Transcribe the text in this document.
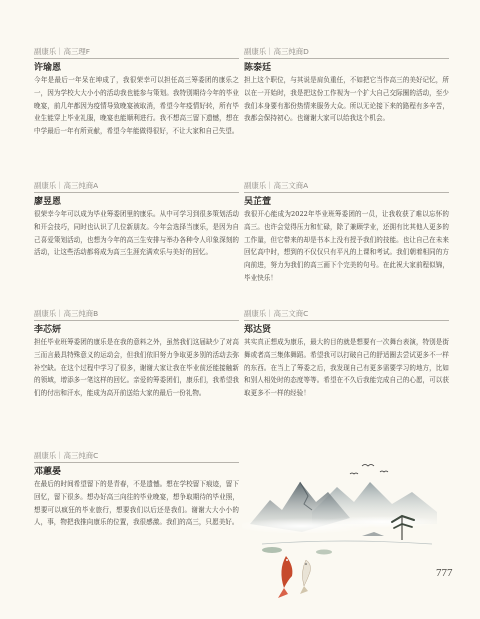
副康乐｜高三理F
许瑜恩
今年是最后一年呆在坤成了，我很荣幸可以担任高三筹委团的康乐之一，因为学校大大小小的活动我也能参与策划。我特别期待今年的毕业晚宴，前几年都因为疫情导致晚宴被取消，希望今年疫情好转，所有毕业生能穿上毕业礼服，晚宴也能顺利进行。我不想高三留下遗憾，想在中学最后一年有所贡献，希望今年能做得很好，不让大家和自己失望。
副康乐｜高三纯商A
廖昱恩
很荣幸今年可以成为毕业筹委团里的康乐。从中可学习到很多策划活动和开会技巧，同时也认识了几位新朋友。今年会选择当康乐，是因为自己喜爱策划活动，也想为今年的高三生安排与举办各种令人印象深刻的活动，让这些活动都将成为高三生涯充满欢乐与美好的回忆。
副康乐｜高三纯商B
李芯妍
担任毕业班筹委团的康乐是在我的意料之外，虽然我们这届缺少了对高三而言最具特殊意义的运动会，但我们依旧努力争取更多别的活动去弥补空缺。在这个过程中学习了很多，谢谢大家让我在毕业前还能接触新的领域，增添多一笔这样的回忆。亲爱的筹委团们，康乐们，我希望我们的付出和汗水，能成为高开前送给大家的最后一份礼物。
副康乐｜高三纯商C
邓蕙晏
在最后的时间希望留下的是青春，不是遗憾。想在学校留下痕迹，留下回忆，留下很多。想办好高三向往的毕业晚宴，想争取期待的毕业照，想要可以疯狂的毕业旅行，想要我们以后还是我们。谢谢大大小小的人，事，物把我推向康乐的位置，我很感激。我们的高三，只愿美好。
副康乐｜高三纯商D
陈泰廷
担上这个职位，与其说是肩负重任，不如把它当作高三的美好记忆，所以在一开始时，我是把这份工作视为一个扩大自己交际圈的活动，至少我们本身要有那份热情来服务大众。所以无论接下来的路程有多辛苦，我都会保持初心。也谢谢大家可以给我这个机会。
副康乐｜高三文商A
吴芷萱
我很开心能成为2022年毕业班筹委团的一员，让我收获了难以忘怀的高三。也许会觉得压力和忙碌，除了兼顾学业，还拥有比其他人更多的工作量，但它带来的却是书本上没有授予我们的技能。也让自己在未来回忆高中时，想到的不仅仅只有平凡的上课和考试。我们朝着相同的方向前进，努力为我们的高三画下个完美的句号。在此祝大家前程似锦，毕业快乐！
副康乐｜高三文商C
郑达贤
其实真正想成为康乐，最大的目的就是想要有一次舞台表演，特别是街舞或者高三集体舞蹈。希望我可以打破自己的舒适圈去尝试更多不一样的东西。在当上了筹委之后，我发现自己有更多需要学习的地方，比如和别人相处时的态度等等。希望在不久后我能完成自己的心愿，可以获取更多不一样的经验！
777
